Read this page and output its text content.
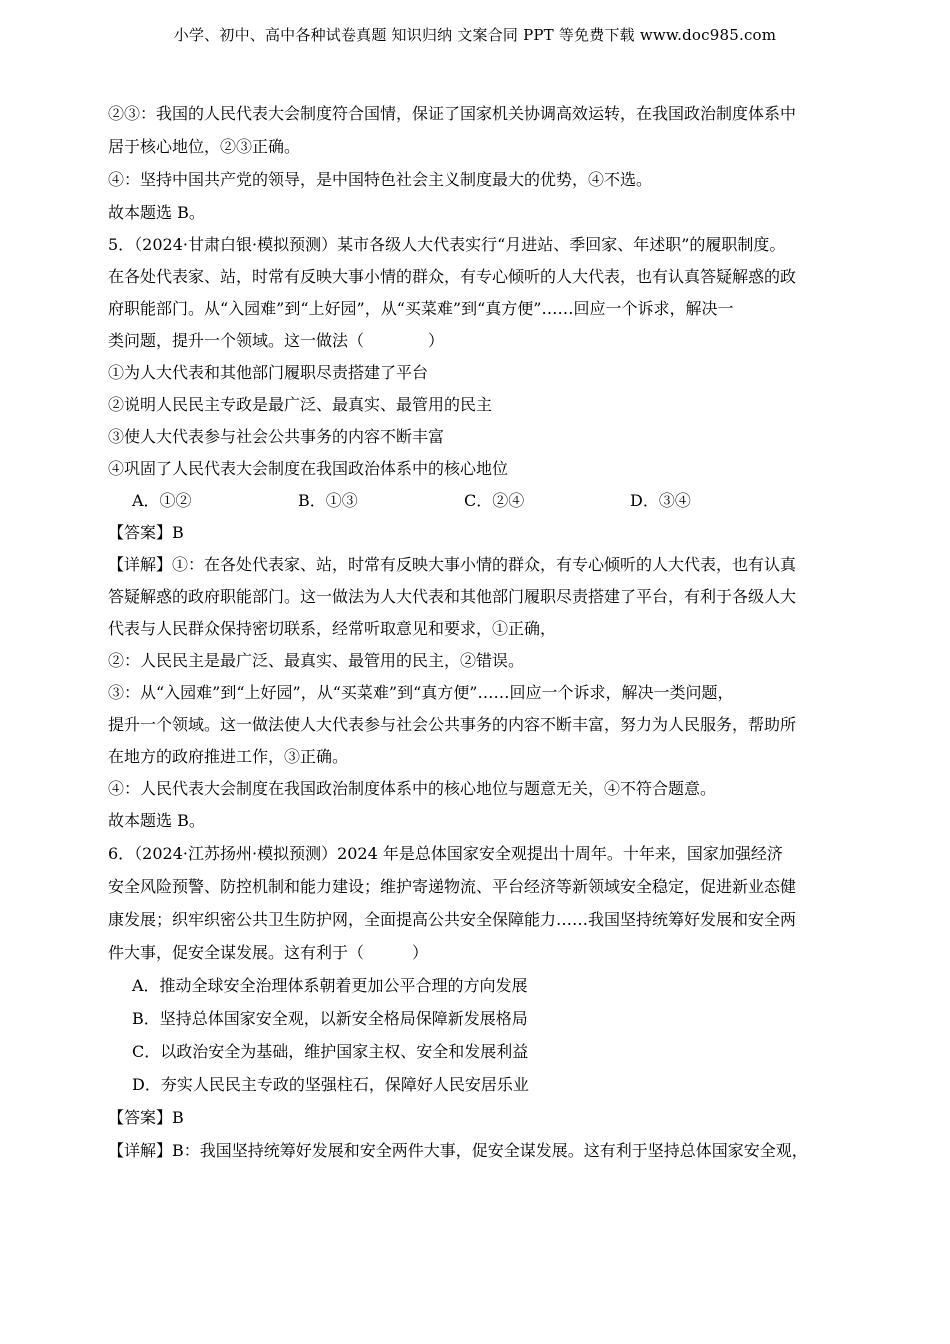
小学、初中、高中各种试卷真题 知识归纳 文案合同 PPT 等免费下载 www.doc985.com
②③：我国的人民代表大会制度符合国情，保证了国家机关协调高效运转，在我国政治制度体系中
居于核心地位，②③正确。
④：坚持中国共产党的领导，是中国特色社会主义制度最大的优势，④不选。
故本题选 B。
5．（2024·甘肃白银·模拟预测）某市各级人大代表实行“月进站、季回家、年述职”的履职制度。
在各处代表家、站，时常有反映大事小情的群众，有专心倾听的人大代表，也有认真答疑解惑的政
府职能部门。从“入园难”到“上好园”，从“买菜难”到“真方便”……回应一个诉求，解决一
类问题，提升一个领域。这一做法（　　　　）
①为人大代表和其他部门履职尽责搭建了平台
②说明人民民主专政是最广泛、最真实、最管用的民主
③使人大代表参与社会公共事务的内容不断丰富
④巩固了人民代表大会制度在我国政治体系中的核心地位
A．①②	B．①③	C．②④	D．③④
【答案】B
【详解】①：在各处代表家、站，时常有反映大事小情的群众，有专心倾听的人大代表，也有认真
答疑解惑的政府职能部门。这一做法为人大代表和其他部门履职尽责搭建了平台，有利于各级人大
代表与人民群众保持密切联系，经常听取意见和要求，①正确，
②：人民民主是最广泛、最真实、最管用的民主，②错误。
③：从“入园难”到“上好园”，从“买菜难”到“真方便”……回应一个诉求，解决一类问题，
提升一个领域。这一做法使人大代表参与社会公共事务的内容不断丰富，努力为人民服务，帮助所
在地方的政府推进工作，③正确。
④：人民代表大会制度在我国政治制度体系中的核心地位与题意无关，④不符合题意。
故本题选 B。
6．（2024·江苏扬州·模拟预测）2024 年是总体国家安全观提出十周年。十年来，国家加强经济
安全风险预警、防控机制和能力建设；维护寄递物流、平台经济等新领域安全稳定，促进新业态健
康发展；织牢织密公共卫生防护网，全面提高公共安全保障能力……我国坚持统筹好发展和安全两
件大事，促安全谋发展。这有利于（　　　）
A．推动全球安全治理体系朝着更加公平合理的方向发展
B．坚持总体国家安全观，以新安全格局保障新发展格局
C．以政治安全为基础，维护国家主权、安全和发展利益
D．夯实人民民主专政的坚强柱石，保障好人民安居乐业
【答案】B
【详解】B：我国坚持统筹好发展和安全两件大事，促安全谋发展。这有利于坚持总体国家安全观，
